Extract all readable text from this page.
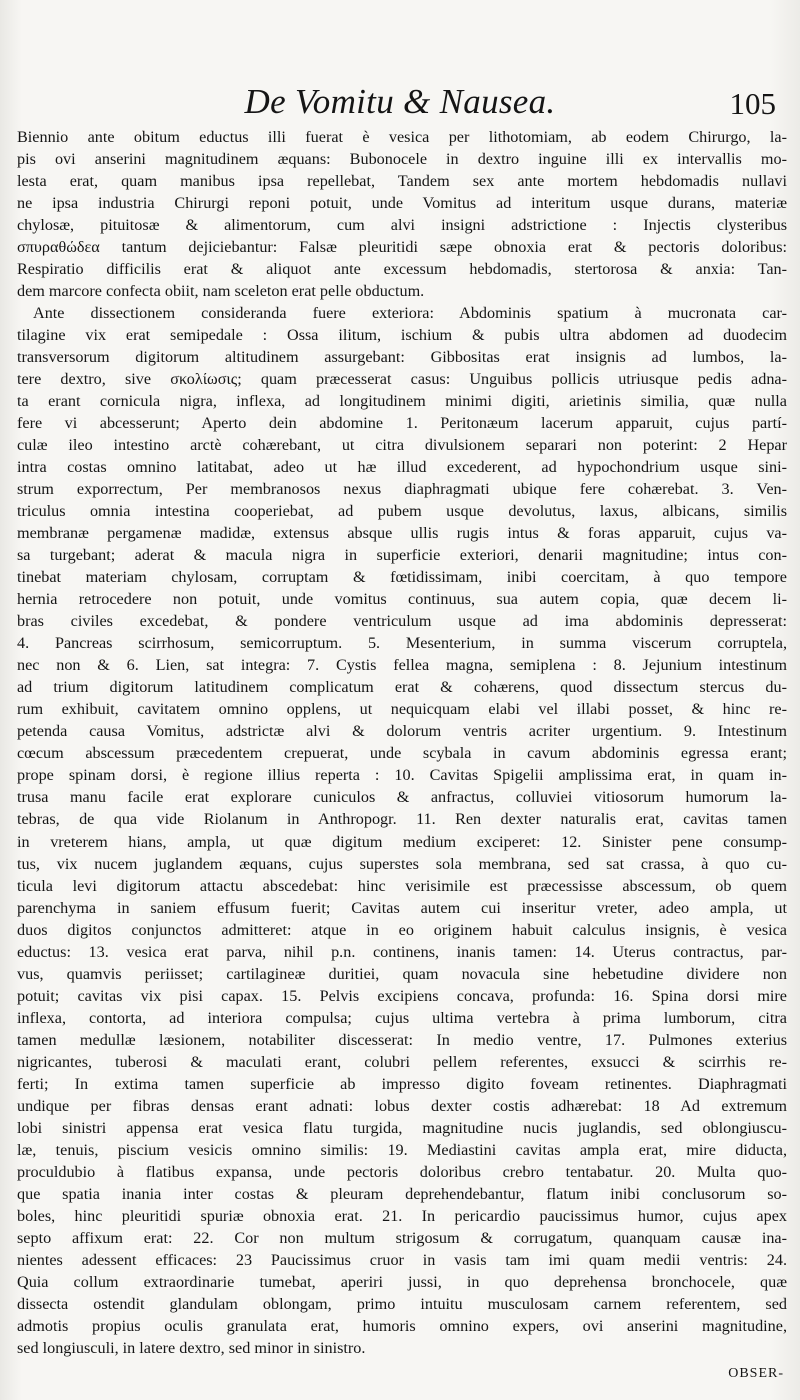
De Vomitu & Nausea.	105
Biennio ante obitum eductus illi fuerat è vesica per lithotomiam, ab eodem Chirurgo, la-
pis ovi anserini magnitudinem æquans: Bubonocele in dextro inguine illi ex intervallis mo-
lesta erat, quam manibus ipsa repellebat, Tandem sex ante mortem hebdomadis nullavi
ne ipsa industria Chirurgi reponi potuit, unde Vomitus ad interitum usque durans, materiæ
chylosæ, pituitosæ & alimentorum, cum alvi insigni adstrictione : Injectis clysteribus
σπυραθώδεα tantum dejiciebantur: Falsæ pleuritidi sæpe obnoxia erat & pectoris doloribus:
Respiratio difficilis erat & aliquot ante excessum hebdomadis, stertorosa & anxia: Tan-
dem marcore confecta obiit, nam sceleton erat pelle obductum.
Ante dissectionem consideranda fuere exteriora: Abdominis spatium à mucronata car-
tilagine vix erat semipedale : Ossa ilitum, ischium & pubis ultra abdomen ad duodecim
transversorum digitorum altitudinem assurgebant: Gibbositas erat insignis ad lumbos, la-
tere dextro, sive σκολίωσις; quam præcesserat casus: Unguibus pollicis utriusque pedis adna-
ta erant cornicula nigra, inflexa, ad longitudinem minimi digiti, arietinis similia, quæ nulla
fere vi abcesserunt; Aperto dein abdomine 1. Peritonæum lacerum apparuit, cujus partí-
culæ ileo intestino arctè cohærebant, ut citra divulsionem separari non poterint: 2 Hepar
intra costas omnino latitabat, adeo ut hæ illud excederent, ad hypochondrium usque sini-
strum exporrectum, Per membranosos nexus diaphragmati ubique fere cohærebat. 3. Ven-
triculus omnia intestina cooperiebat, ad pubem usque devolutus, laxus, albicans, similis
membranæ pergamenæ madidæ, extensus absque ullis rugis intus & foras apparuit, cujus va-
sa turgebant; aderat & macula nigra in superficie exteriori, denarii magnitudine; intus con-
tinebat materiam chylosam, corruptam & fœtidissimam, inibi coercitam, à quo tempore
hernia retrocedere non potuit, unde vomitus continuus, sua autem copia, quæ decem li-
bras civiles excedebat, & pondere ventriculum usque ad ima abdominis depresserat:
4. Pancreas scirrhosum, semicorruptum. 5. Mesenterium, in summa viscerum corruptela,
nec non & 6. Lien, sat integra: 7. Cystis fellea magna, semiplena : 8. Jejunium intestinum
ad trium digitorum latitudinem complicatum erat & cohærens, quod dissectum stercus du-
rum exhibuit, cavitatem omnino opplens, ut nequicquam elabi vel illabi posset, & hinc re-
petenda causa Vomitus, adstrictæ alvi & dolorum ventris acriter urgentium. 9. Intestinum
cœcum abscessum præcedentem crepuerat, unde scybala in cavum abdominis egressa erant;
prope spinam dorsi, è regione illius reperta : 10. Cavitas Spigelii amplissima erat, in quam in-
trusa manu facile erat explorare cuniculos & anfractus, colluviei vitiosorum humorum la-
tebras, de qua vide Riolanum in Anthropogr. 11. Ren dexter naturalis erat, cavitas tamen
in vreterem hians, ampla, ut quæ digitum medium exciperet: 12. Sinister pene consump-
tus, vix nucem juglandem æquans, cujus superstes sola membrana, sed sat crassa, à quo cu-
ticula levi digitorum attactu abscedebat: hinc verisimile est præcessisse abscessum, ob quem
parenchyma in saniem effusum fuerit; Cavitas autem cui inseritur vreter, adeo ampla, ut
duos digitos conjunctos admitteret: atque in eo originem habuit calculus insignis, è vesica
eductus: 13. vesica erat parva, nihil p.n. continens, inanis tamen: 14. Uterus contractus, par-
vus, quamvis periisset; cartilagineæ duritiei, quam novacula sine hebetudine dividere non
potuit; cavitas vix pisi capax. 15. Pelvis excipiens concava, profunda: 16. Spina dorsi mire
inflexa, contorta, ad interiora compulsa; cujus ultima vertebra à prima lumborum, citra
tamen medullæ læsionem, notabiliter discesserat: In medio ventre, 17. Pulmones exterius
nigricantes, tuberosi & maculati erant, colubri pellem referentes, exsucci & scirrhis re-
ferti; In extima tamen superficie ab impresso digito foveam retinentes. Diaphragmati
undique per fibras densas erant adnati: lobus dexter costis adhærebat: 18 Ad extremum
lobi sinistri appensa erat vesica flatu turgida, magnitudine nucis juglandis, sed oblongiuscu-
læ, tenuis, piscium vesicis omnino similis: 19. Mediastini cavitas ampla erat, mire diducta,
proculdubio à flatibus expansa, unde pectoris doloribus crebro tentabatur. 20. Multa quo-
que spatia inania inter costas & pleuram deprehendebantur, flatum inibi conclusorum so-
boles, hinc pleuritidi spuriæ obnoxia erat. 21. In pericardio paucissimus humor, cujus apex
septo affixum erat: 22. Cor non multum strigosum & corrugatum, quanquam causæ ina-
nientes adessent efficaces: 23 Paucissimus cruor in vasis tam imi quam medii ventris: 24.
Quia collum extraordinarie tumebat, aperiri jussi, in quo deprehensa bronchocele, quæ
dissecta ostendit glandulam oblongam, primo intuitu musculosam carnem referentem, sed
admotis propius oculis granulata erat, humoris omnino expers, ovi anserini magnitudine,
sed longiusculi, in latere dextro, sed minor in sinistro.
OBSER-
